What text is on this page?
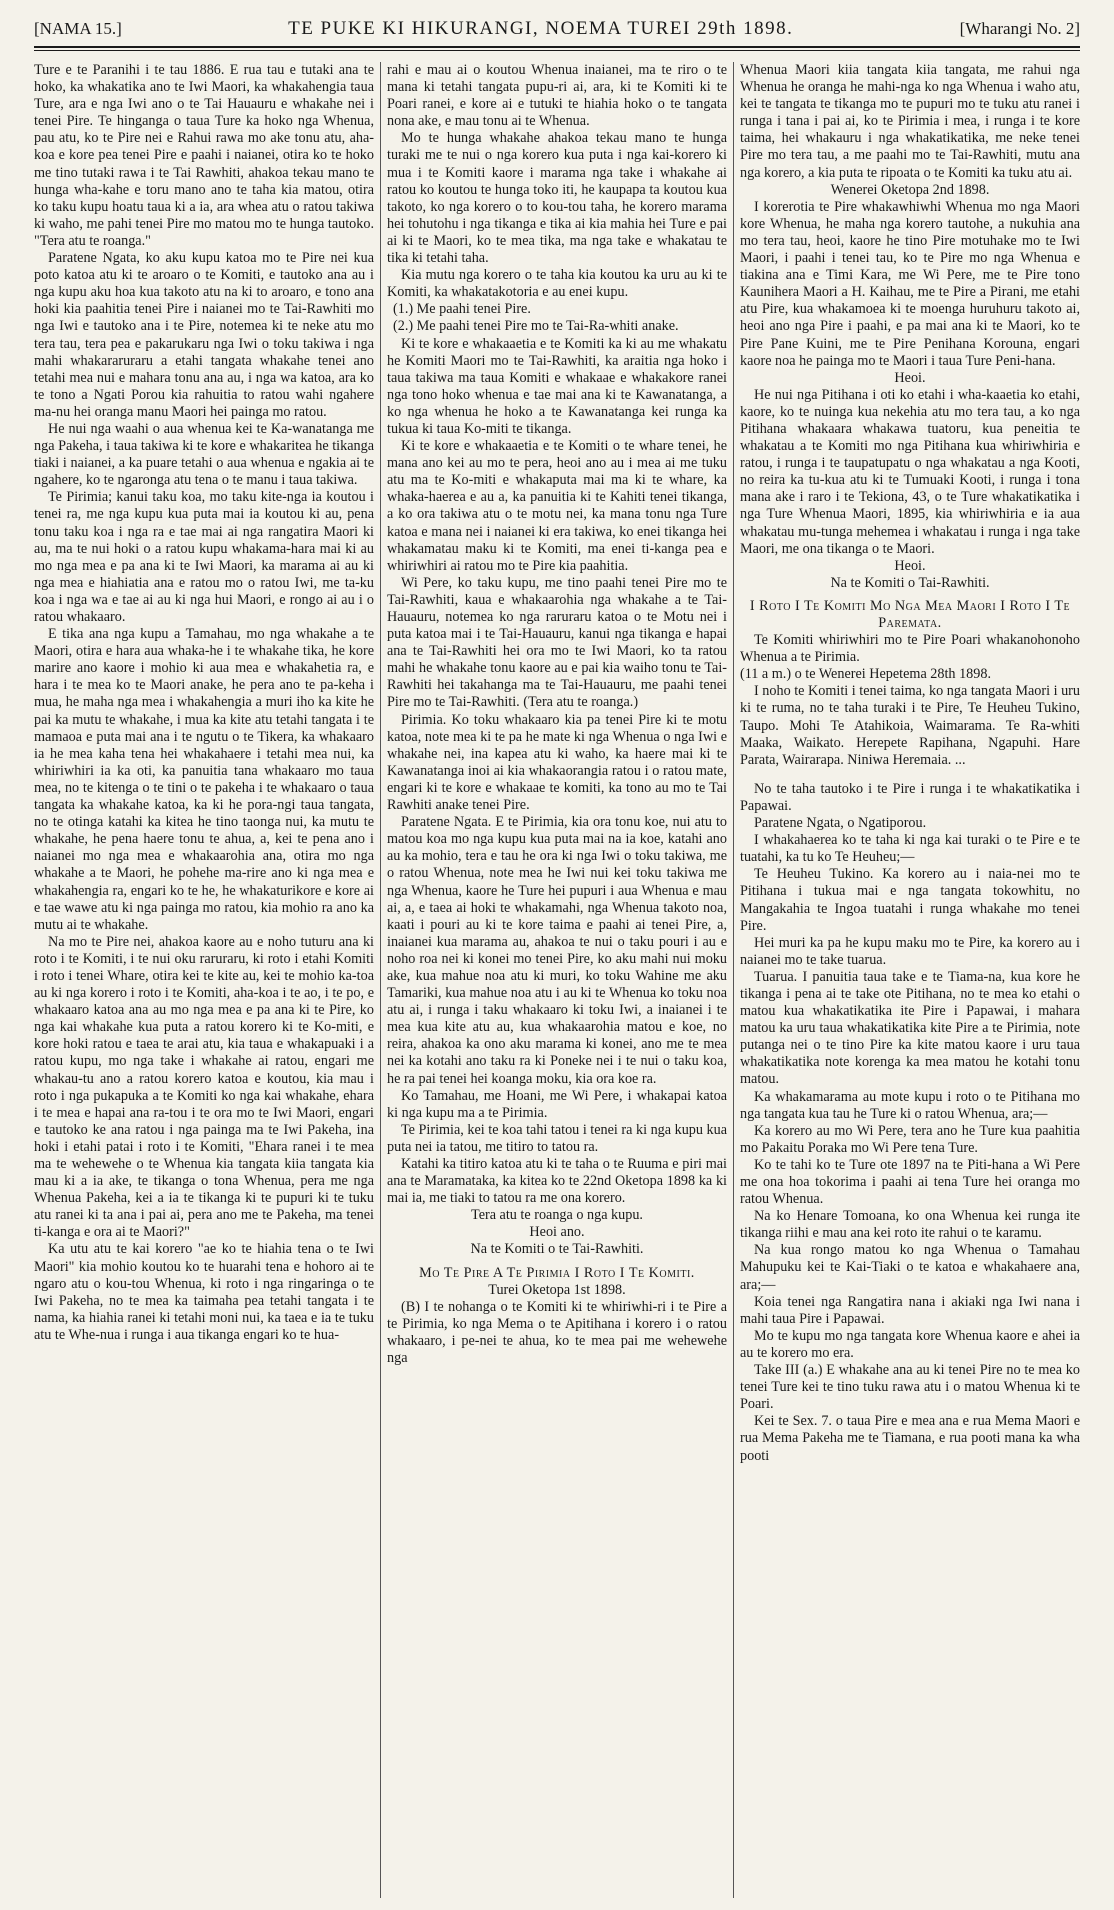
[NAMA 15.]	TE PUKE KI HIKURANGI, NOEMA TUREI 29th 1898.	[Wharangi No. 2]

Ture e te Paranihi i te tau 1886. E rua tau e tutaki ana te hoko, ka whakatika ano te Iwi Maori, ka whakahengia taua Ture, ara e nga Iwi ano o te Tai Hauauru e whakahe nei i tenei Pire. Te hinganga o taua Ture ka hoko nga Whenua, pau atu, ko te Pire nei e Rahui rawa mo ake tonu atu, aha-koa e kore pea tenei Pire e paahi i naianei, otira ko te hoko me tino tutaki rawa i te Tai Rawhiti, ahakoa tekau mano te hunga wha-kahe e toru mano ano te taha kia matou, otira ko taku kupu hoatu taua ki a ia, ara whea atu o ratou takiwa ki waho, me pahi tenei Pire mo matou mo te hunga tautoko. "Tera atu te roanga."

Paratene Ngata, ko aku kupu katoa mo te Pire nei kua poto katoa atu ki te aroaro o te Komiti, e tautoko ana au i nga kupu aku hoa kua takoto atu na ki to aroaro, e tono ana hoki kia paahitia tenei Pire i naianei mo te Tai-Rawhiti mo nga Iwi e tautoko ana i te Pire, notemea ki te neke atu mo tera tau, tera pea e pakarukaru nga Iwi o toku takiwa i nga mahi whakararuraru a etahi tangata whakahe tenei ano tetahi mea nui e mahara tonu ana au, i nga wa katoa, ara ko te tono a Ngati Porou kia rahuitia to ratou wahi ngahere ma-nu hei oranga manu Maori hei painga mo ratou.

He nui nga waahi o aua whenua kei te Ka-wanatanga me nga Pakeha, i taua takiwa ki te kore e whakaritea he tikanga tiaki i naianei, a ka puare tetahi o aua whenua e ngakia ai te ngahere, ko te ngaronga atu tena o te manu i taua takiwa.

Te Pirimia; kanui taku koa, mo taku kite-nga ia koutou i tenei ra, me nga kupu kua puta mai ia koutou ki au, pena tonu taku koa i nga ra e tae mai ai nga rangatira Maori ki au, ma te nui hoki o a ratou kupu whakama-hara mai ki au mo nga mea e pa ana ki te Iwi Maori, ka marama ai au ki nga mea e hiahiatia ana e ratou mo o ratou Iwi, me ta-ku koa i nga wa e tae ai au ki nga hui Maori, e rongo ai au i o ratou whakaaro.

E tika ana nga kupu a Tamahau, mo nga whakahe a te Maori, otira e hara aua whaka-he i te whakahe tika, he kore marire ano kaore i mohio ki aua mea e whakahetia ra, e hara i te mea ko te Maori anake, he pera ano te pa-keha i mua, he maha nga mea i whakahengia a muri iho ka kite he pai ka mutu te whakahe, i mua ka kite atu tetahi tangata i te mamaoa e puta mai ana i te ngutu o te Tikera, ka whakaaro ia he mea kaha tena hei whakahaere i tetahi mea nui, ka whiriwhiri ia ka oti, ka panuitia tana whakaaro mo taua mea, no te kitenga o te tini o te pakeha i te whakaaro o taua tangata ka whakahe katoa, ka ki he pora-ngi taua tangata, no te otinga katahi ka kitea he tino taonga nui, ka mutu te whakahe, he pena haere tonu te ahua, a, kei te pena ano i naianei mo nga mea e whakaarohia ana, otira mo nga whakahe a te Maori, he pohehe ma-rire ano ki nga mea e whakahengia ra, engari ko te he, he whakaturikore e kore ai e tae wawe atu ki nga painga mo ratou, kia mohio ra ano ka mutu ai te whakahe.

Na mo te Pire nei, ahakoa kaore au e noho tuturu ana ki roto i te Komiti, i te nui oku raruraru, ki roto i etahi Komiti i roto i tenei Whare, otira kei te kite au, kei te mohio ka-toa au ki nga korero i roto i te Komiti, aha-koa i te ao, i te po, e whakaaro katoa ana au mo nga mea e pa ana ki te Pire, ko nga kai whakahe kua puta a ratou korero ki te Ko-miti, e kore hoki ratou e taea te arai atu, kia taua e whakapuaki i a ratou kupu, mo nga take i whakahe ai ratou, engari me whakau-tu ano a ratou korero katoa e koutou, kia mau i roto i nga pukapuka a te Komiti ko nga kai whakahe, ehara i te mea e hapai ana ra-tou i te ora mo te Iwi Maori, engari e tautoko ke ana ratou i nga painga ma te Iwi Pakeha, ina hoki i etahi patai i roto i te Komiti, "Ehara ranei i te mea ma te wehewehe o te Whenua kia tangata kiia tangata kia mau ki a ia ake, te tikanga o tona Whenua, pera me nga Whenua Pakeha, kei a ia te tikanga ki te pupuri ki te tuku atu ranei ki ta ana i pai ai, pera ano me te Pakeha, ma tenei ti-kanga e ora ai te Maori?"

Ka utu atu te kai korero "ae ko te hiahia tena o te Iwi Maori" kia mohio koutou ko te huarahi tena e hohoro ai te ngaro atu o kou-tou Whenua, ki roto i nga ringaringa o te Iwi Pakeha, no te mea ka taimaha pea tetahi tangata i te nama, ka hiahia ranei ki tetahi moni nui, ka taea e ia te tuku atu te Whe-nua i runga i aua tikanga engari ko te hua-

rahi e mau ai o koutou Whenua inaianei, ma te riro o te mana ki tetahi tangata pupu-ri ai, ara, ki te Komiti ki te Poari ranei, e kore ai e tutuki te hiahia hoko o te tangata nona ake, e mau tonu ai te Whenua.

Mo te hunga whakahe ahakoa tekau mano te hunga turaki me te nui o nga korero kua puta i nga kai-korero ki mua i te Komiti kaore i marama nga take i whakahe ai ratou ko koutou te hunga toko iti, he kaupapa ta koutou kua takoto, ko nga korero o to kou-tou taha, he korero marama hei tohutohu i nga tikanga e tika ai kia mahia hei Ture e pai ai ki te Maori, ko te mea tika, ma nga take e whakatau te tika ki tetahi taha.

Kia mutu nga korero o te taha kia koutou ka uru au ki te Komiti, ka whakatakotoria e au enei kupu.

(1.) Me paahi tenei Pire.

(2.) Me paahi tenei Pire mo te Tai-Ra-whiti anake.

Ki te kore e whakaaetia e te Komiti ka ki au me whakatu he Komiti Maori mo te Tai-Rawhiti, ka araitia nga hoko i taua takiwa ma taua Komiti e whakaae e whakakore ranei nga tono hoko whenua e tae mai ana ki te Kawanatanga, a ko nga whenua he hoko a te Kawanatanga kei runga ka tukua ki taua Ko-miti te tikanga.

Ki te kore e whakaaetia e te Komiti o te whare tenei, he mana ano kei au mo te pera, heoi ano au i mea ai me tuku atu ma te Ko-miti e whakaputa mai ma ki te whare, ka whaka-haerea e au a, ka panuitia ki te Kahiti tenei tikanga, a ko ora takiwa atu o te motu nei, ka mana tonu nga Ture katoa e mana nei i naianei ki era takiwa, ko enei tikanga hei whakamatau maku ki te Komiti, ma enei ti-kanga pea e whiriwhiri ai ratou mo te Pire kia paahitia.

Wi Pere, ko taku kupu, me tino paahi tenei Pire mo te Tai-Rawhiti, kaua e whakaarohia nga whakahe a te Tai-Hauauru, notemea ko nga raruraru katoa o te Motu nei i puta katoa mai i te Tai-Hauauru, kanui nga tikanga e hapai ana te Tai-Rawhiti hei ora mo te Iwi Maori, ko ta ratou mahi he whakahe tonu kaore au e pai kia waiho tonu te Tai-Rawhiti hei takahanga ma te Tai-Hauauru, me paahi tenei Pire mo te Tai-Rawhiti. (Tera atu te roanga.)

Pirimia. Ko toku whakaaro kia pa tenei Pire ki te motu katoa, note mea ki te pa he mate ki nga Whenua o nga Iwi e whakahe nei, ina kapea atu ki waho, ka haere mai ki te Kawanatanga inoi ai kia whakaorangia ratou i o ratou mate, engari ki te kore e whakaae te komiti, ka tono au mo te Tai Rawhiti anake tenei Pire.

Paratene Ngata. E te Pirimia, kia ora tonu koe, nui atu to matou koa mo nga kupu kua puta mai na ia koe, katahi ano au ka mohio, tera e tau he ora ki nga Iwi o toku takiwa, me o ratou Whenua, note mea he Iwi nui kei toku takiwa me nga Whenua, kaore he Ture hei pupuri i aua Whenua e mau ai, a, e taea ai hoki te whakamahi, nga Whenua takoto noa, kaati i pouri au ki te kore taima e paahi ai tenei Pire, a, inaianei kua marama au, ahakoa te nui o taku pouri i au e noho roa nei ki konei mo tenei Pire, ko aku mahi nui moku ake, kua mahue noa atu ki muri, ko toku Wahine me aku Tamariki, kua mahue noa atu i au ki te Whenua ko toku noa atu ai, i runga i taku whakaaro ki toku Iwi, a inaianei i te mea kua kite atu au, kua whakaarohia matou e koe, no reira, ahakoa ka ono aku marama ki konei, ano me te mea nei ka kotahi ano taku ra ki Poneke nei i te nui o taku koa, he ra pai tenei hei koanga moku, kia ora koe ra.

Ko Tamahau, me Hoani, me Wi Pere, i whakapai katoa ki nga kupu ma a te Pirimia.

Te Pirimia, kei te koa tahi tatou i tenei ra ki nga kupu kua puta nei ia tatou, me titiro to tatou ra.

Katahi ka titiro katoa atu ki te taha o te Ruuma e piri mai ana te Maramataka, ka kitea ko te 22nd Oketopa 1898 ka ki mai ia, me tiaki to tatou ra me ona korero.

Tera atu te roanga o nga kupu.

Heoi ano.

Na te Komiti o te Tai-Rawhiti.

Mo Te Pire A Te Pirimia I Roto I Te Komiti.

Turei Oketopa 1st 1898.

(B) I te nohanga o te Komiti ki te whiriwhi-ri i te Pire a te Pirimia, ko nga Mema o te Apitihana i korero i o ratou whakaaro, i pe-nei te ahua, ko te mea pai me wehewehe nga

Whenua Maori kiia tangata kiia tangata, me rahui nga Whenua he oranga he mahi-nga ko nga Whenua i waho atu, kei te tangata te tikanga mo te pupuri mo te tuku atu ranei i runga i tana i pai ai, ko te Pirimia i mea, i runga i te kore taima, hei whakauru i nga whakatikatika, me neke tenei Pire mo tera tau, a me paahi mo te Tai-Rawhiti, mutu ana nga korero, a kia puta te ripoata o te Komiti ka tuku atu ai.

Wenerei Oketopa 2nd 1898.

I korerotia te Pire whakawhiwhi Whenua mo nga Maori kore Whenua, he maha nga korero tautohe, a nukuhia ana mo tera tau, heoi, kaore he tino Pire motuhake mo te Iwi Maori, i paahi i tenei tau, ko te Pire mo nga Whenua e tiakina ana e Timi Kara, me Wi Pere, me te Pire tono Kaunihera Maori a H. Kaihau, me te Pire a Pirani, me etahi atu Pire, kua whakamoea ki te moenga huruhuru takoto ai, heoi ano nga Pire i paahi, e pa mai ana ki te Maori, ko te Pire Pane Kuini, me te Pire Penihana Korouna, engari kaore noa he painga mo te Maori i taua Ture Peni-hana.

Heoi.

He nui nga Pitihana i oti ko etahi i wha-kaaetia ko etahi, kaore, ko te nuinga kua nekehia atu mo tera tau, a ko nga Pitihana whakaara whakawa tuatoru, kua peneitia te whakatau a te Komiti mo nga Pitihana kua whiriwhiria e ratou, i runga i te taupatupatu o nga whakatau a nga Kooti, no reira ka tu-kua atu ki te Tumuaki Kooti, i runga i tona mana ake i raro i te Tekiona, 43, o te Ture whakatikatika i nga Ture Whenua Maori, 1895, kia whiriwhiria e ia aua whakatau mu-tunga mehemea i whakatau i runga i nga take Maori, me ona tikanga o te Maori.

Heoi.

Na te Komiti o Tai-Rawhiti.

I Roto I Te Komiti Mo Nga Mea Maori I Roto I Te Paremata.

Te Komiti whiriwhiri mo te Pire Poari whakanohonoho Whenua a te Pirimia.

(11 a m.) o te Wenerei Hepetema 28th 1898.

I noho te Komiti i tenei taima, ko nga tangata Maori i uru ki te ruma, no te taha turaki i te Pire, Te Heuheu Tukino, Taupo. Mohi Te Atahikoia, Waimarama. Te Ra-whiti Maaka, Waikato. Herepete Rapihana, Ngapuhi. Hare Parata, Wairarapa. Niniwa Heremaia. ...

No te taha tautoko i te Pire i runga i te whakatikatika i Papawai.

Paratene Ngata, o Ngatiporou.

I whakahaerea ko te taha ki nga kai turaki o te Pire e te tuatahi, ka tu ko Te Heuheu;—

Te Heuheu Tukino. Ka korero au i naia-nei mo te Pitihana i tukua mai e nga tangata tokowhitu, no Mangakahia te Ingoa tuatahi i runga whakahe mo tenei Pire.

Hei muri ka pa he kupu maku mo te Pire, ka korero au i naianei mo te take tuarua.

Tuarua. I panuitia taua take e te Tiama-na, kua kore he tikanga i pena ai te take ote Pitihana, no te mea ko etahi o matou kua whakatikatika ite Pire i Papawai, i mahara matou ka uru taua whakatikatika kite Pire a te Pirimia, note putanga nei o te tino Pire ka kite matou kaore i uru taua whakatikatika note korenga ka mea matou he kotahi tonu matou.

Ka whakamarama au mote kupu i roto o te Pitihana mo nga tangata kua tau he Ture ki o ratou Whenua, ara;—

Ka korero au mo Wi Pere, tera ano he Ture kua paahitia mo Pakaitu Poraka mo Wi Pere tena Ture.

Ko te tahi ko te Ture ote 1897 na te Piti-hana a Wi Pere me ona hoa tokorima i paahi ai tena Ture hei oranga mo ratou Whenua.

Na ko Henare Tomoana, ko ona Whenua kei runga ite tikanga riihi e mau ana kei roto ite rahui o te karamu.

Na kua rongo matou ko nga Whenua o Tamahau Mahupuku kei te Kai-Tiaki o te katoa e whakahaere ana, ara;—

Koia tenei nga Rangatira nana i akiaki nga Iwi nana i mahi taua Pire i Papawai.

Mo te kupu mo nga tangata kore Whenua kaore e ahei ia au te korero mo era.

Take III (a.) E whakahe ana au ki tenei Pire no te mea ko tenei Ture kei te tino tuku rawa atu i o matou Whenua ki te Poari.

Kei te Sex. 7. o taua Pire e mea ana e rua Mema Maori e rua Mema Pakeha me te Tiamana, e rua pooti mana ka wha pooti
